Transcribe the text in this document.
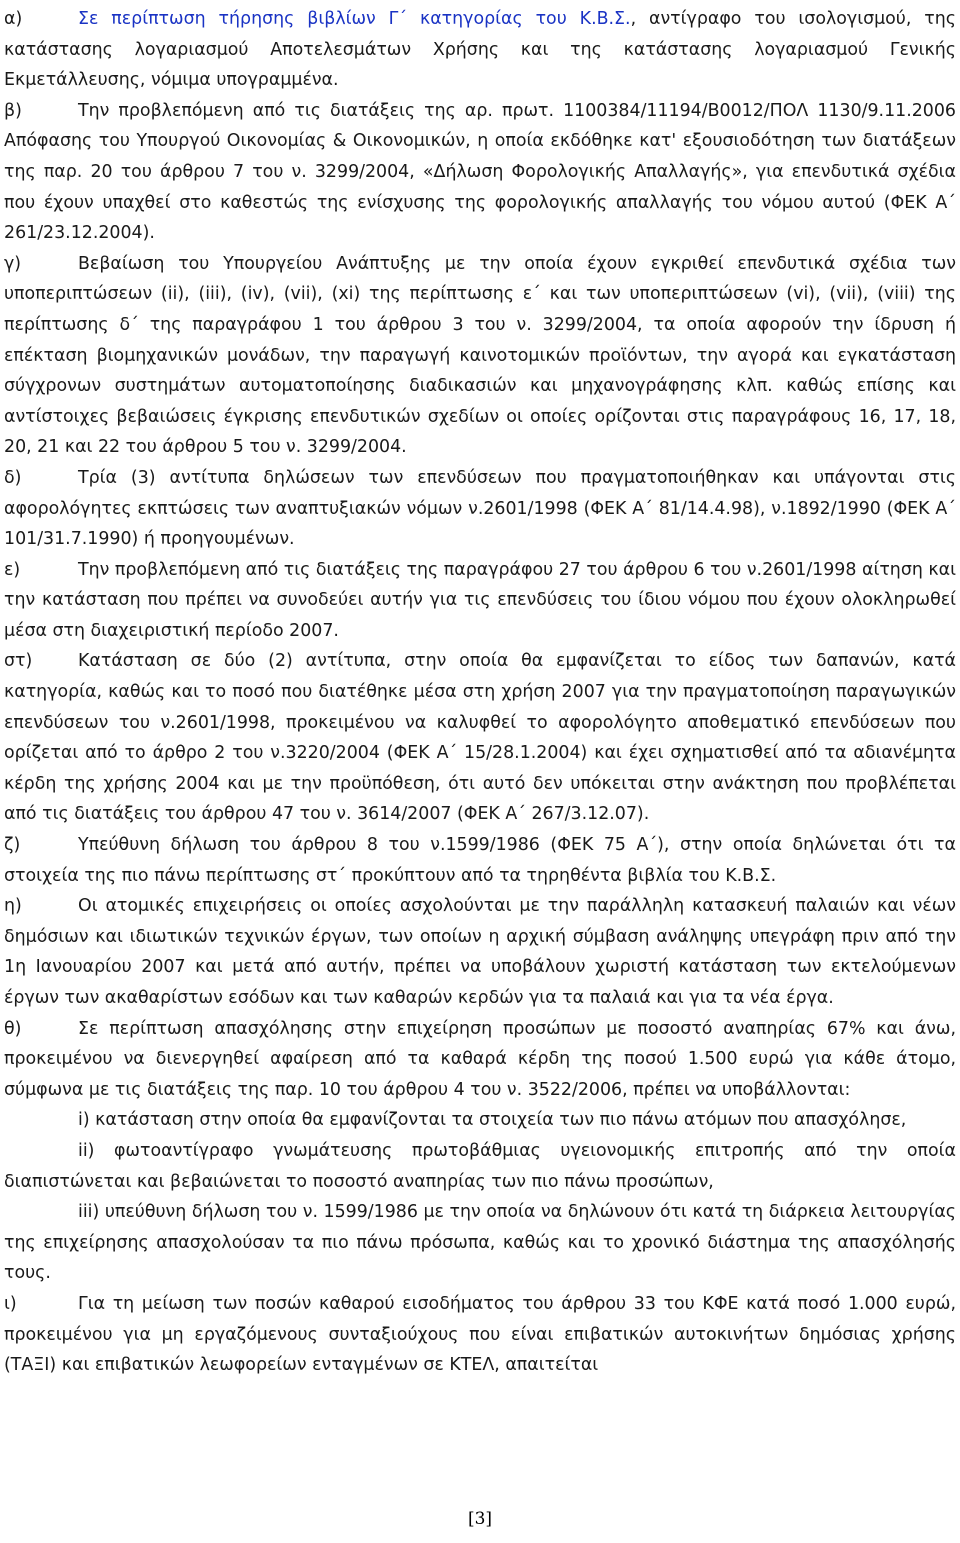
α)	Σε περίπτωση τήρησης βιβλίων Γ΄ κατηγορίας του Κ.Β.Σ., αντίγραφο του ισολογισμού, της κατάστασης λογαριασμού Αποτελεσμάτων Χρήσης και της κατάστασης λογαριασμού Γενικής Εκμετάλλευσης, νόμιμα υπογραμμένα.

β)	Την προβλεπόμενη από τις διατάξεις της αρ. πρωτ. 1100384/11194/Β0012/ΠΟΛ 1130/9.11.2006 Απόφασης του Υπουργού Οικονομίας & Οικονομικών, η οποία εκδόθηκε κατ' εξουσιοδότηση των διατάξεων της παρ. 20 του άρθρου 7 του ν. 3299/2004, «Δήλωση Φορολογικής Απαλλαγής», για επενδυτικά σχέδια που έχουν υπαχθεί στο καθεστώς της ενίσχυσης της φορολογικής απαλλαγής του νόμου αυτού (ΦΕΚ Α΄ 261/23.12.2004).

γ)	Βεβαίωση του Υπουργείου Ανάπτυξης με την οποία έχουν εγκριθεί επενδυτικά σχέδια των υποπεριπτώσεων (ii), (iii), (iv), (vii), (xi) της περίπτωσης ε΄ και των υποπεριπτώσεων (vi), (vii), (viii) της περίπτωσης δ΄ της παραγράφου 1 του άρθρου 3 του ν. 3299/2004, τα οποία αφορούν την ίδρυση ή επέκταση βιομηχανικών μονάδων, την παραγωγή καινοτομικών προϊόντων, την αγορά και εγκατάσταση σύγχρονων συστημάτων αυτοματοποίησης διαδικασιών και μηχανογράφησης κλπ. καθώς επίσης και αντίστοιχες βεβαιώσεις έγκρισης επενδυτικών σχεδίων οι οποίες ορίζονται στις παραγράφους 16, 17, 18, 20, 21 και 22 του άρθρου 5 του ν. 3299/2004.

δ)	Τρία (3) αντίτυπα δηλώσεων των επενδύσεων που πραγματοποιήθηκαν και υπάγονται στις αφορολόγητες εκπτώσεις των αναπτυξιακών νόμων ν.2601/1998 (ΦΕΚ Α΄ 81/14.4.98), ν.1892/1990 (ΦΕΚ Α΄ 101/31.7.1990) ή προηγουμένων.

ε)	Την προβλεπόμενη από τις διατάξεις της παραγράφου 27 του άρθρου 6 του ν.2601/1998 αίτηση και την κατάσταση που πρέπει να συνοδεύει αυτήν για τις επενδύσεις του ίδιου νόμου που έχουν ολοκληρωθεί μέσα στη διαχειριστική περίοδο 2007.

στ)	Κατάσταση σε δύο (2) αντίτυπα, στην οποία θα εμφανίζεται το είδος των δαπανών, κατά κατηγορία, καθώς και το ποσό που διατέθηκε μέσα στη χρήση 2007 για την πραγματοποίηση παραγωγικών επενδύσεων του ν.2601/1998, προκειμένου να καλυφθεί το αφορολόγητο αποθεματικό επενδύσεων που ορίζεται από το άρθρο 2 του ν.3220/2004 (ΦΕΚ Α΄ 15/28.1.2004) και έχει σχηματισθεί από τα αδιανέμητα κέρδη της χρήσης 2004 και με την προϋπόθεση, ότι αυτό δεν υπόκειται στην ανάκτηση που προβλέπεται από τις διατάξεις του άρθρου 47 του ν. 3614/2007 (ΦΕΚ Α΄ 267/3.12.07).

ζ)	Υπεύθυνη δήλωση του άρθρου 8 του ν.1599/1986 (ΦΕΚ 75 Α΄), στην οποία δηλώνεται ότι τα στοιχεία της πιο πάνω περίπτωσης στ΄ προκύπτουν από τα τηρηθέντα βιβλία του Κ.Β.Σ.

η)	Οι ατομικές επιχειρήσεις οι οποίες ασχολούνται με την παράλληλη κατασκευή παλαιών και νέων δημόσιων και ιδιωτικών τεχνικών έργων, των οποίων η αρχική σύμβαση ανάληψης υπεγράφη πριν από την 1η Ιανουαρίου 2007 και μετά από αυτήν, πρέπει να υποβάλουν χωριστή κατάσταση των εκτελούμενων έργων των ακαθαρίστων εσόδων και των καθαρών κερδών για τα παλαιά και για τα νέα έργα.

θ)	Σε περίπτωση απασχόλησης στην επιχείρηση προσώπων με ποσοστό αναπηρίας 67% και άνω, προκειμένου να διενεργηθεί αφαίρεση από τα καθαρά κέρδη της ποσού 1.500 ευρώ για κάθε άτομο, σύμφωνα με τις διατάξεις της παρ. 10 του άρθρου 4 του ν. 3522/2006, πρέπει να υποβάλλονται:

i) κατάσταση στην οποία θα εμφανίζονται τα στοιχεία των πιο πάνω ατόμων που απασχόλησε,

ii) φωτοαντίγραφο γνωμάτευσης πρωτοβάθμιας υγειονομικής επιτροπής από την οποία διαπιστώνεται και βεβαιώνεται το ποσοστό αναπηρίας των πιο πάνω προσώπων,

iii) υπεύθυνη δήλωση του ν. 1599/1986 με την οποία να δηλώνουν ότι κατά τη διάρκεια λειτουργίας της επιχείρησης απασχολούσαν τα πιο πάνω πρόσωπα, καθώς και το χρονικό διάστημα της απασχόλησής τους.

ι)	Για τη μείωση των ποσών καθαρού εισοδήματος του άρθρου 33 του ΚΦΕ κατά ποσό 1.000 ευρώ, προκειμένου για μη εργαζόμενους συνταξιούχους που είναι επιβατικών αυτοκινήτων δημόσιας χρήσης (ΤΑΞΙ) και επιβατικών λεωφορείων ενταγμένων σε ΚΤΕΛ, απαιτείται

[3]
